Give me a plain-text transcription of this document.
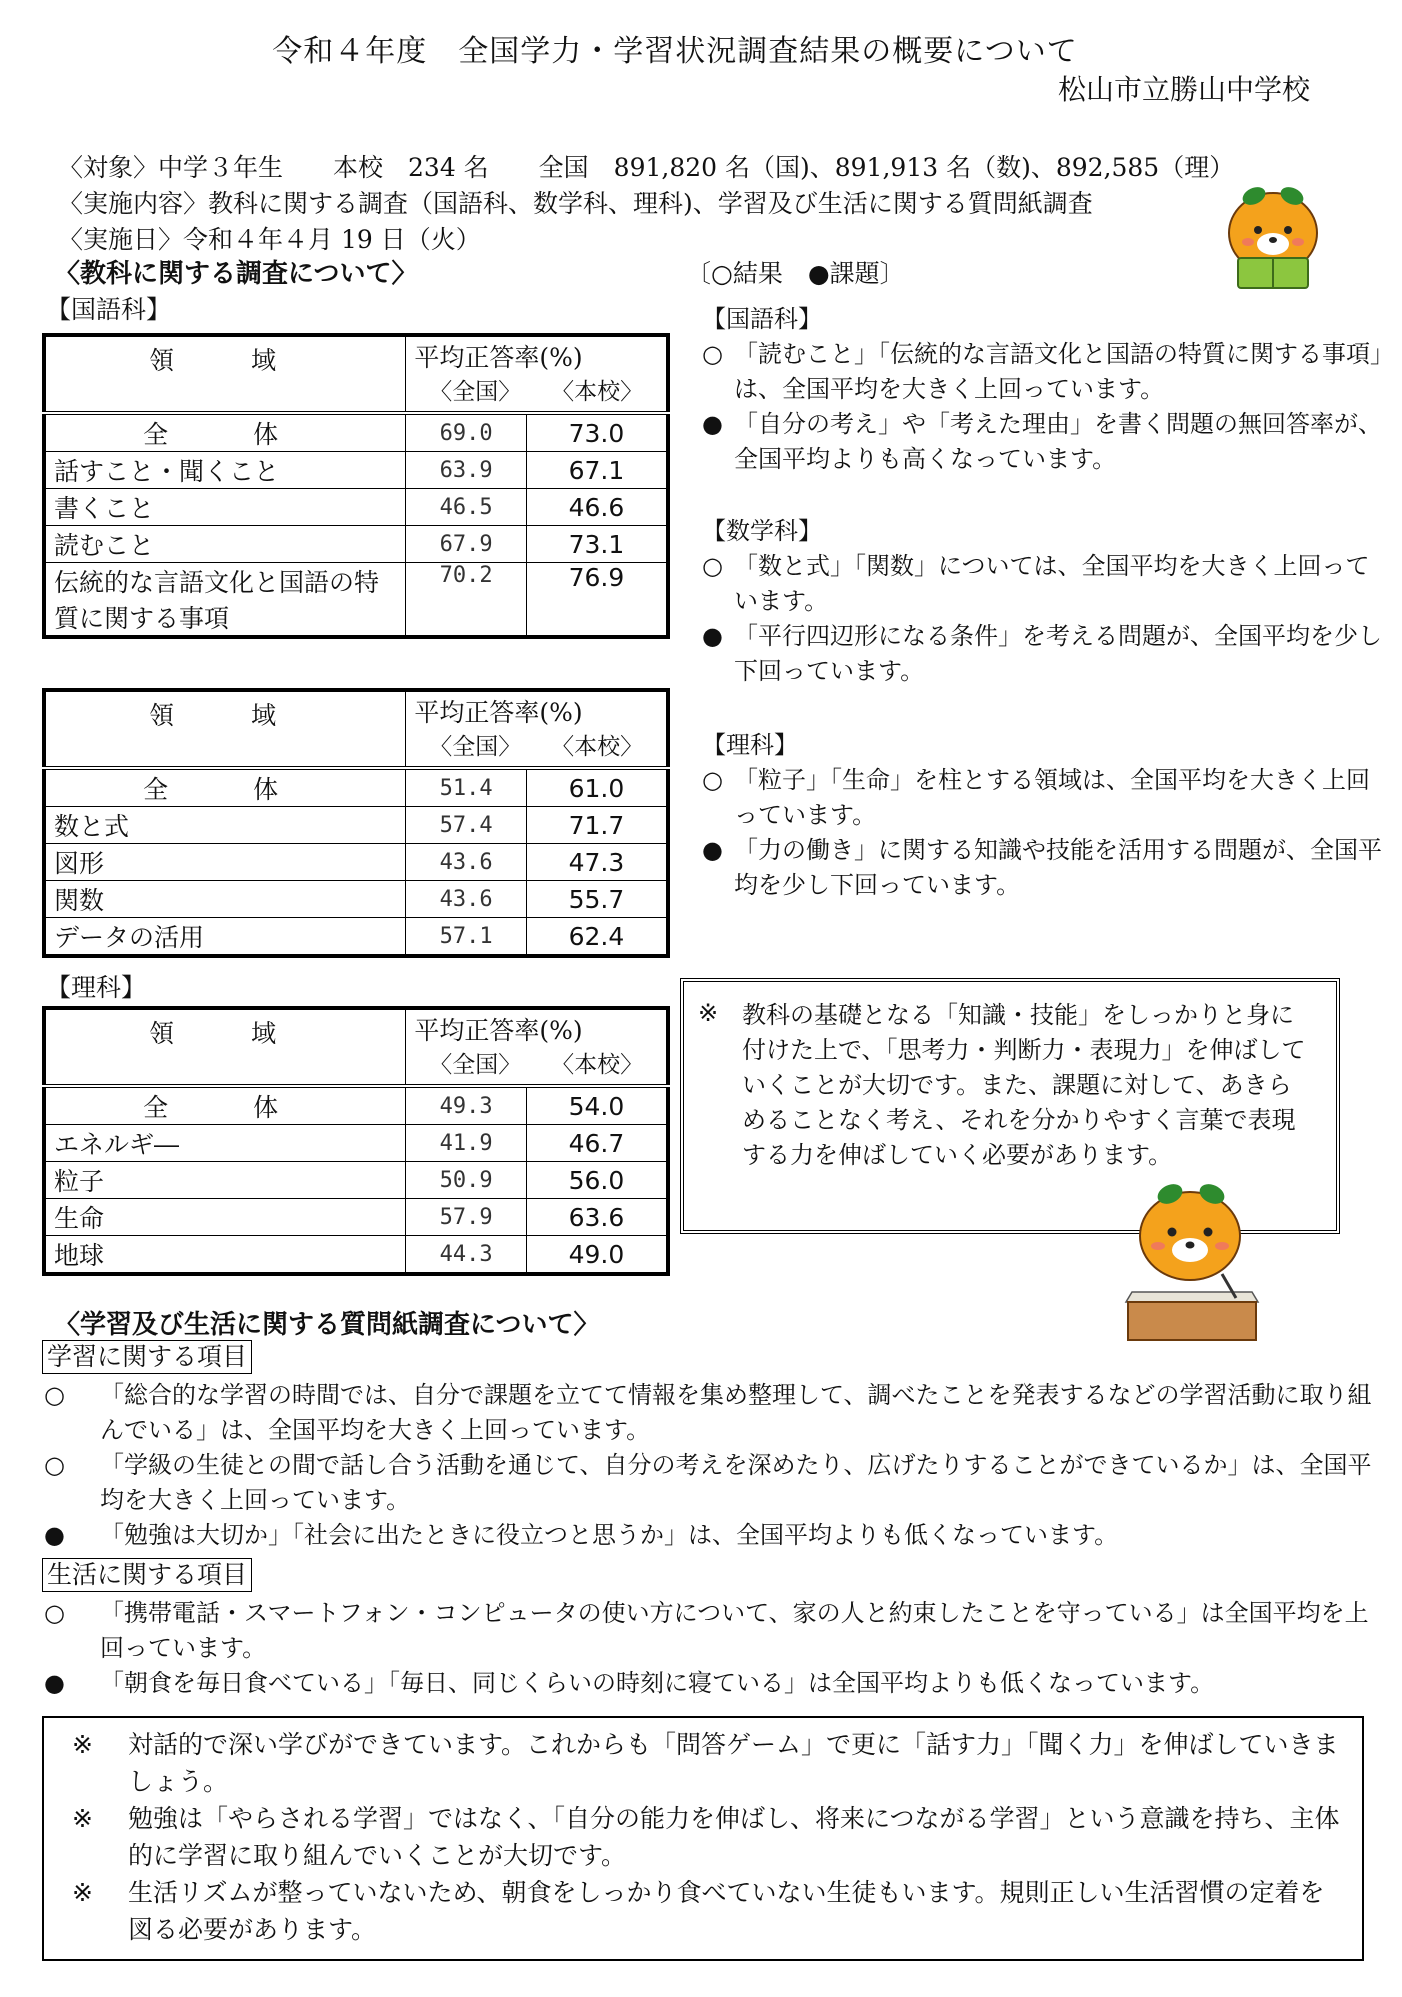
令和４年度　全国学力・学習状況調査結果の概要について
松山市立勝山中学校
〈対象〉中学３年生　　本校　234 名　　全国　891,820 名（国)、891,913 名（数)、892,585（理）
〈実施内容〉教科に関する調査（国語科、数学科、理科)、学習及び生活に関する質問紙調査
〈実施日〉令和４年４月 19 日（火）
〈教科に関する調査について〉	〔○結果　●課題〕
【国語科】
領　域	平均正答率(%)
〈全国〉 〈本校〉	

全　体	69.0	73.0
話すこと・聞くこと	63.9	67.1
書くこと	46.5	46.6
読むこと	67.9	73.1
伝統的な言語文化と国語の特質に関する事項	70.2	76.9
領　域	平均正答率(%)
〈全国〉 〈本校〉	

全　体	51.4	61.0
数と式	57.4	71.7
図形	43.6	47.3
関数	43.6	55.7
データの活用	57.1	62.4
【理科】
領　域	平均正答率(%)
〈全国〉 〈本校〉	

全　体	49.3	54.0
エネルギ―	41.9	46.7
粒子	50.9	56.0
生命	57.9	63.6
地球	44.3	49.0
【国語科】
○ 「読むこと」「伝統的な言語文化と国語の特質に関する事項」は、全国平均を大きく上回っています。
● 「自分の考え」や「考えた理由」を書く問題の無回答率が、全国平均よりも高くなっています。
【数学科】
○ 「数と式」「関数」については、全国平均を大きく上回っています。
● 「平行四辺形になる条件」を考える問題が、全国平均を少し下回っています。
【理科】
○ 「粒子」「生命」を柱とする領域は、全国平均を大きく上回っています。
● 「力の働き」に関する知識や技能を活用する問題が、全国平均を少し下回っています。
※ 教科の基礎となる「知識・技能」をしっかりと身に付けた上で、「思考力・判断力・表現力」を伸ばしていくことが大切です。また、課題に対して、あきらめることなく考え、それを分かりやすく言葉で表現する力を伸ばしていく必要があります。
〈学習及び生活に関する質問紙調査について〉
学習に関する項目
○ 「総合的な学習の時間では、自分で課題を立てて情報を集め整理して、調べたことを発表するなどの学習活動に取り組んでいる」は、全国平均を大きく上回っています。
○ 「学級の生徒との間で話し合う活動を通じて、自分の考えを深めたり、広げたりすることができているか」は、全国平均を大きく上回っています。
● 「勉強は大切か」「社会に出たときに役立つと思うか」は、全国平均よりも低くなっています。
生活に関する項目
○ 「携帯電話・スマートフォン・コンピュータの使い方について、家の人と約束したことを守っている」は全国平均を上回っています。
● 「朝食を毎日食べている」「毎日、同じくらいの時刻に寝ている」は全国平均よりも低くなっています。
※ 対話的で深い学びができています。これからも「問答ゲーム」で更に「話す力」「聞く力」を伸ばしていきましょう。
※ 勉強は「やらされる学習」ではなく、「自分の能力を伸ばし、将来につながる学習」という意識を持ち、主体的に学習に取り組んでいくことが大切です。
※ 生活リズムが整っていないため、朝食をしっかり食べていない生徒もいます。規則正しい生活習慣の定着を図る必要があります。
